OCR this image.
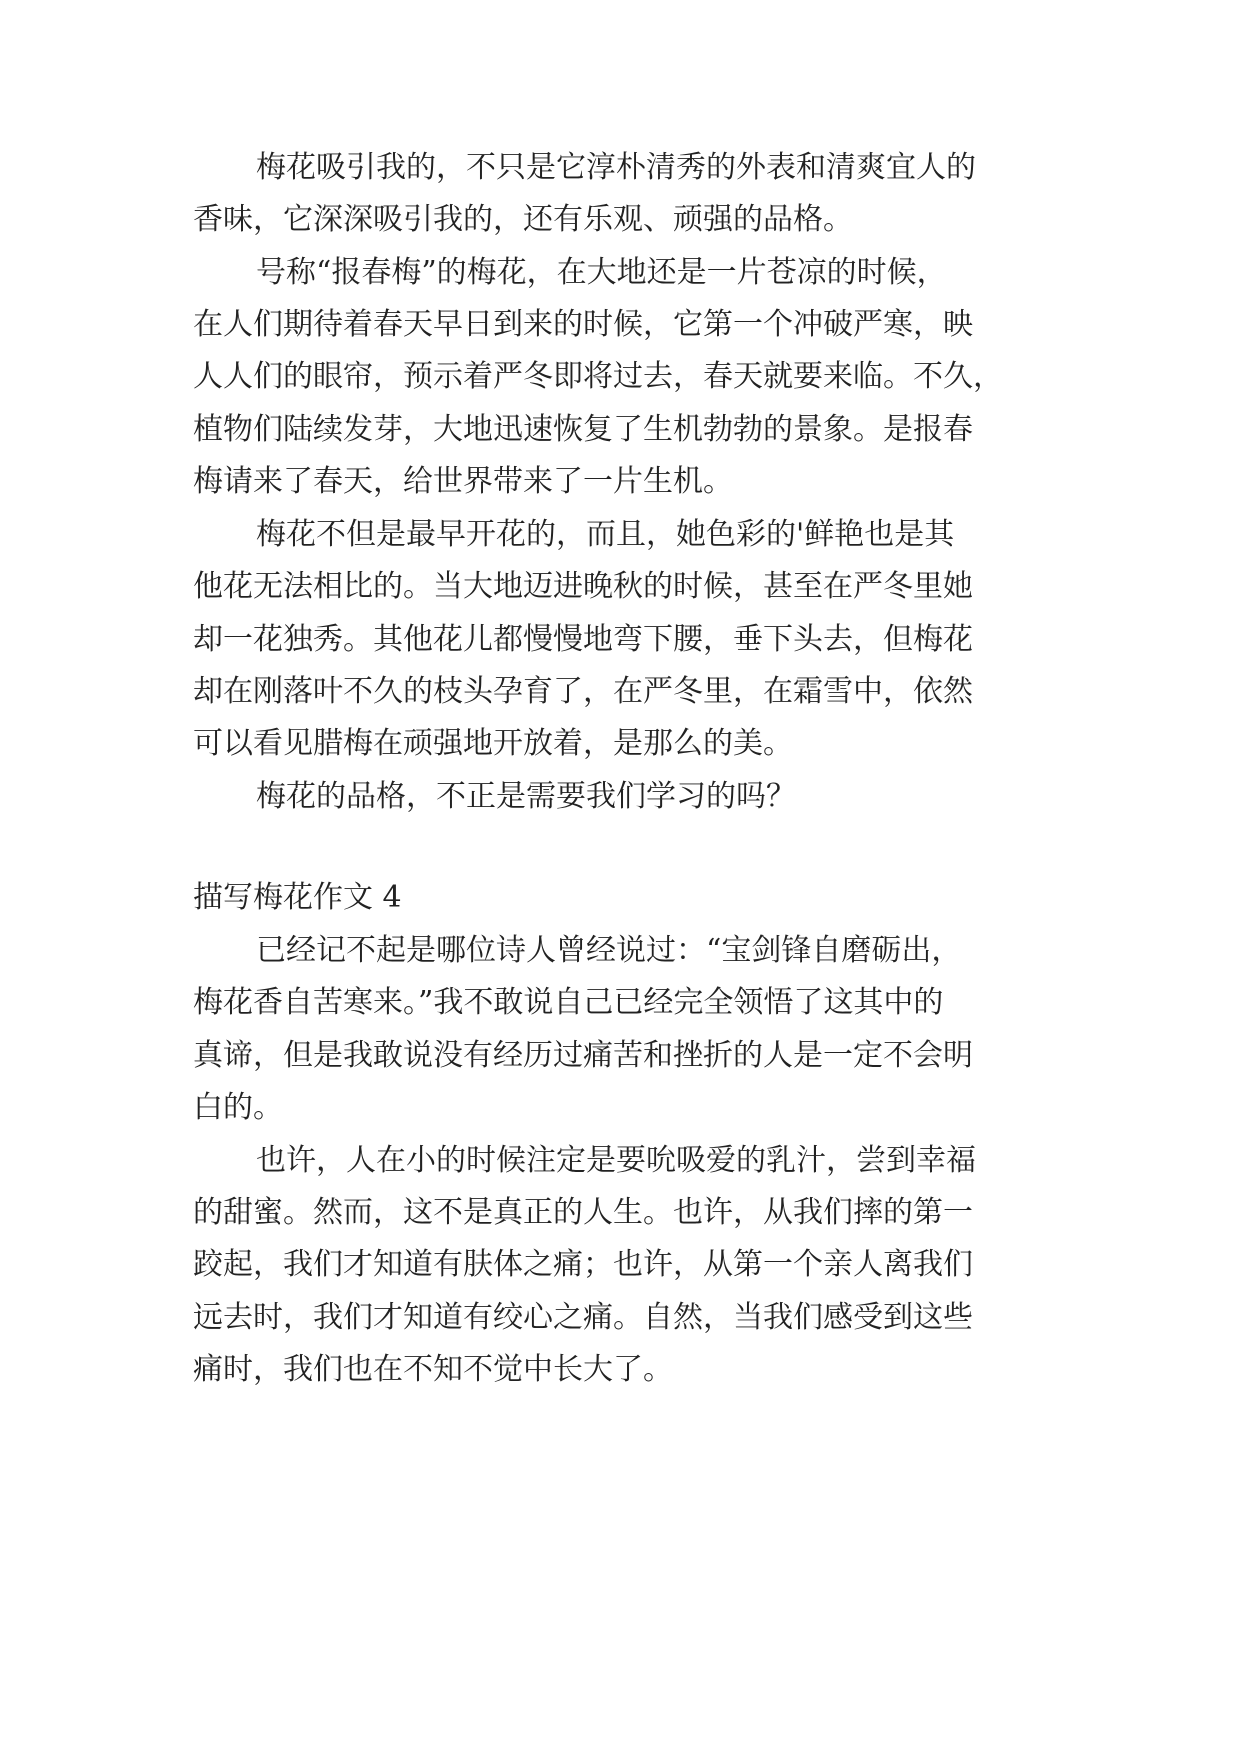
梅花吸引我的，不只是它淳朴清秀的外表和清爽宜人的

香味，它深深吸引我的，还有乐观、顽强的品格。

号称“报春梅”的梅花，在大地还是一片苍凉的时候，

在人们期待着春天早日到来的时候，它第一个冲破严寒，映

人人们的眼帘，预示着严冬即将过去，春天就要来临。不久，

植物们陆续发芽，大地迅速恢复了生机勃勃的景象。是报春

梅请来了春天，给世界带来了一片生机。

梅花不但是最早开花的，而且，她色彩的'鲜艳也是其

他花无法相比的。当大地迈进晚秋的时候，甚至在严冬里她

却一花独秀。其他花儿都慢慢地弯下腰，垂下头去，但梅花

却在刚落叶不久的枝头孕育了，在严冬里，在霜雪中，依然

可以看见腊梅在顽强地开放着，是那么的美。

梅花的品格，不正是需要我们学习的吗？

描写梅花作文 4

已经记不起是哪位诗人曾经说过：“宝剑锋自磨砺出，

梅花香自苦寒来。”我不敢说自己已经完全领悟了这其中的

真谛，但是我敢说没有经历过痛苦和挫折的人是一定不会明

白的。

也许，人在小的时候注定是要吮吸爱的乳汁，尝到幸福

的甜蜜。然而，这不是真正的人生。也许，从我们摔的第一

跤起，我们才知道有肤体之痛；也许，从第一个亲人离我们

远去时，我们才知道有绞心之痛。自然，当我们感受到这些

痛时，我们也在不知不觉中长大了。
